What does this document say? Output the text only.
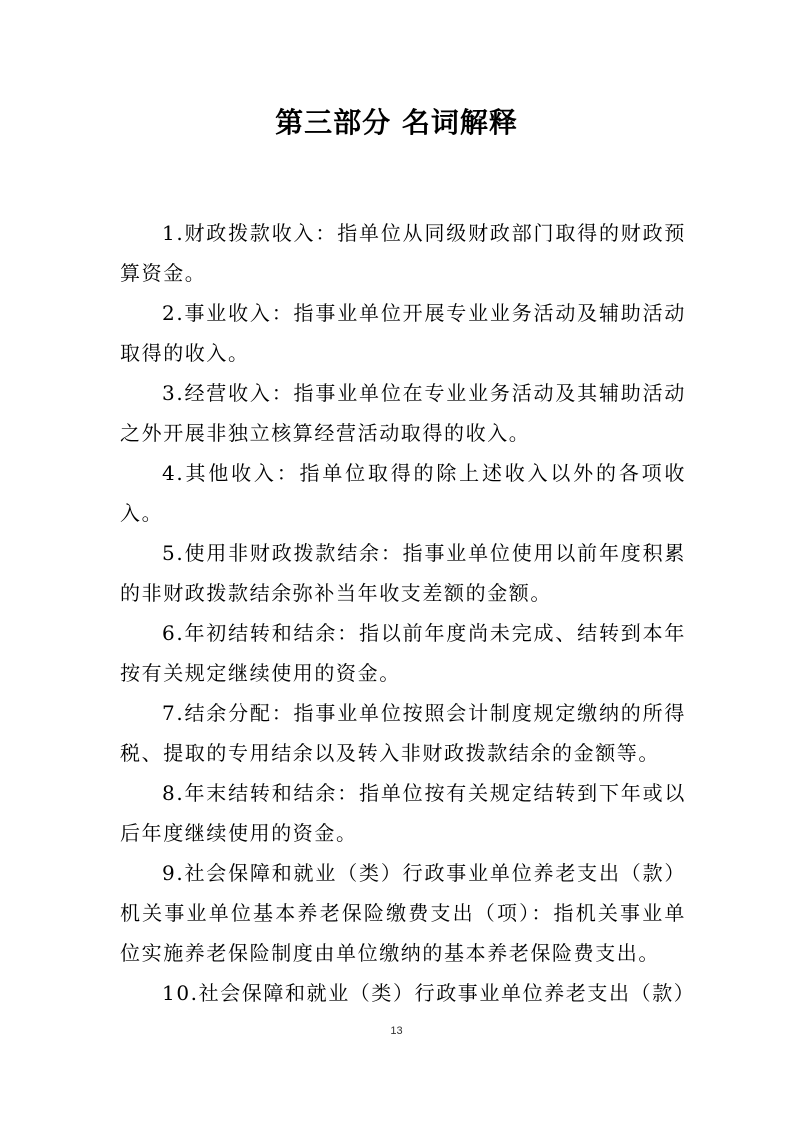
第三部分 名词解释

1.财政拨款收入：指单位从同级财政部门取得的财政预算资金。

2.事业收入：指事业单位开展专业业务活动及辅助活动取得的收入。

3.经营收入：指事业单位在专业业务活动及其辅助活动之外开展非独立核算经营活动取得的收入。

4.其他收入：指单位取得的除上述收入以外的各项收入。

5.使用非财政拨款结余：指事业单位使用以前年度积累的非财政拨款结余弥补当年收支差额的金额。

6.年初结转和结余：指以前年度尚未完成、结转到本年按有关规定继续使用的资金。

7.结余分配：指事业单位按照会计制度规定缴纳的所得税、提取的专用结余以及转入非财政拨款结余的金额等。

8.年末结转和结余：指单位按有关规定结转到下年或以后年度继续使用的资金。

9.社会保障和就业（类）行政事业单位养老支出（款）机关事业单位基本养老保险缴费支出（项）：指机关事业单位实施养老保险制度由单位缴纳的基本养老保险费支出。

10.社会保障和就业（类）行政事业单位养老支出（款）

13
